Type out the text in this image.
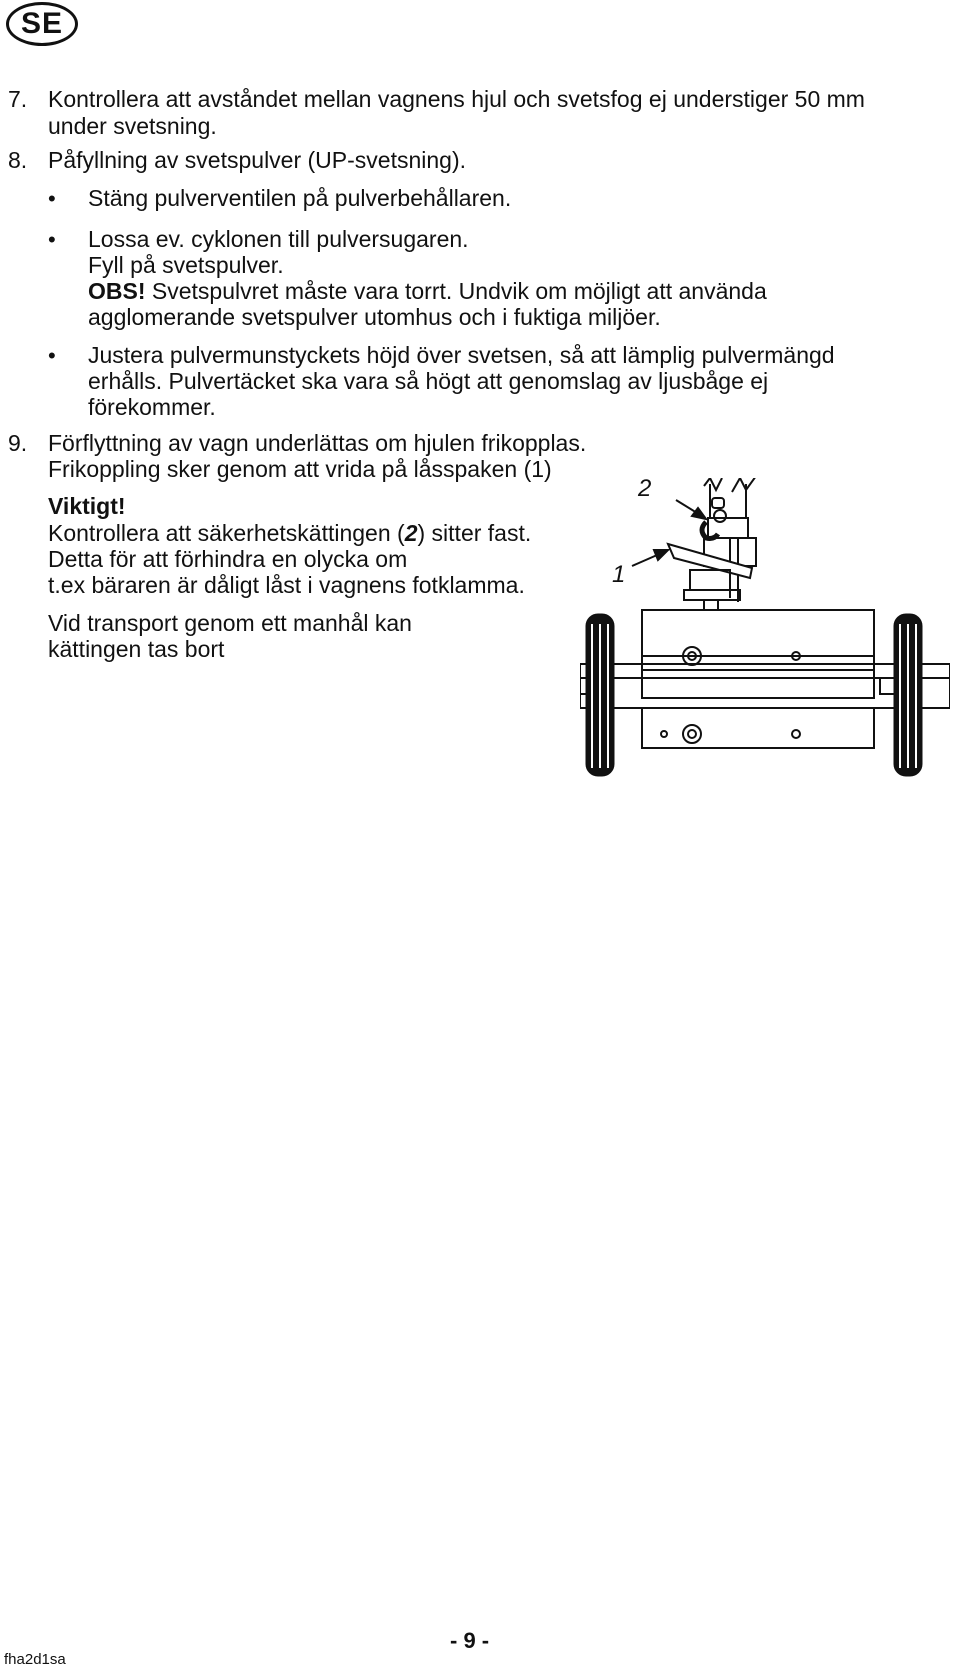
SE
7. Kontrollera att avståndet mellan vagnens hjul och svetsfog ej understiger 50 mm
under svetsning.
8. Påfyllning av svetspulver (UP-svetsning).
• Stäng pulverventilen på pulverbehållaren.
• Lossa ev. cyklonen till pulversugaren.
Fyll på svetspulver.
OBS! Svetspulvret måste vara torrt. Undvik om möjligt att använda
agglomerande svetspulver utomhus och i fuktiga miljöer.
• Justera pulvermunstyckets höjd över svetsen, så att lämplig pulvermängd
erhålls. Pulvertäcket ska vara så högt att genomslag av ljusbåge ej
förekommer.
9. Förflyttning av vagn underlättas om hjulen frikopplas.
Frikoppling sker genom att vrida på låsspaken (1)
Viktigt!
Kontrollera att säkerhetskättingen (2) sitter fast.
Detta för att förhindra en olycka om
t.ex bäraren är dåligt låst i vagnens fotklamma.
Vid transport genom ett manhål kan
kättingen tas bort
2
1
- 9 -
fha2d1sa
